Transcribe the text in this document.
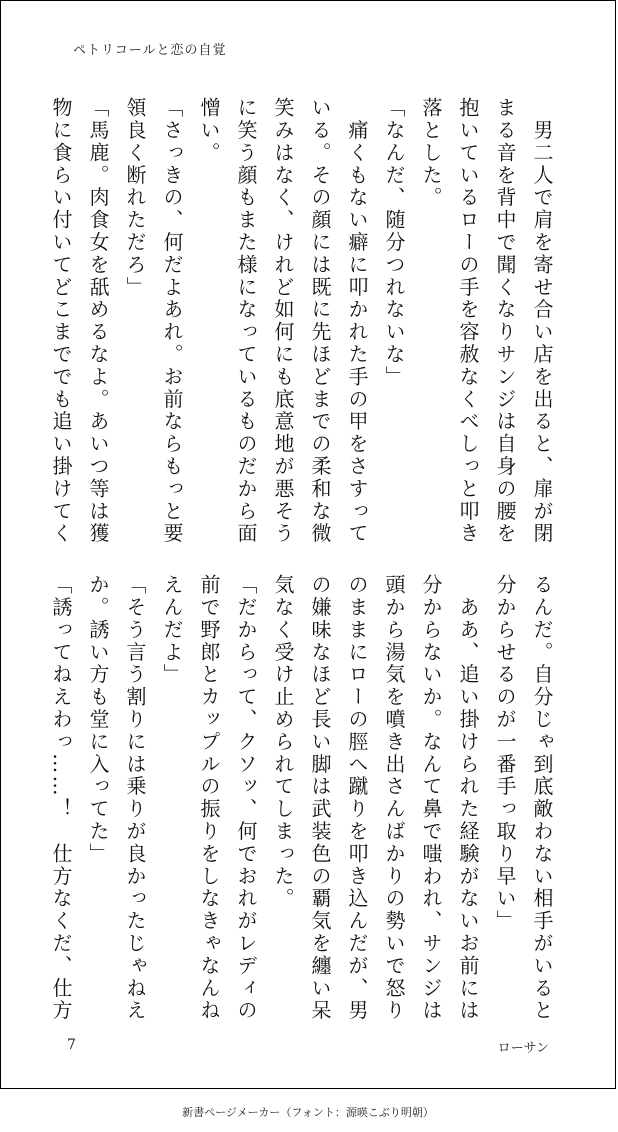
ペトリコールと恋の自覚
　男二人で肩を寄せ合い店を出ると、扉が閉
まる音を背中で聞くなりサンジは自身の腰を
抱いているローの手を容赦なくべしっと叩き
落とした。
「なんだ、随分つれないな」
　痛くもない癖に叩かれた手の甲をさすって
いる。その顔には既に先ほどまでの柔和な微
笑みはなく、けれど如何にも底意地が悪そう
に笑う顔もまた様になっているものだから面
憎い。
「さっきの、何だよあれ。お前ならもっと要
領良く断れただろ」
「馬鹿。肉食女を舐めるなよ。あいつ等は獲
物に食らい付いてどこまででも追い掛けてく
るんだ。自分じゃ到底敵わない相手がいると
分からせるのが一番手っ取り早い」
　ああ、追い掛けられた経験がないお前には
分からないか。なんて鼻で嗤われ、サンジは
頭から湯気を噴き出さんばかりの勢いで怒り
のままにローの脛へ蹴りを叩き込んだが、男
の嫌味なほど長い脚は武装色の覇気を纏い呆
気なく受け止められてしまった。
「だからって、クソッ、何でおれがレディの
前で野郎とカップルの振りをしなきゃなんね
えんだよ」
「そう言う割りには乗りが良かったじゃねえ
か。誘い方も堂に入ってた」
「誘ってねえわっ……！　仕方なくだ、仕方
7	ローサン
新書ページメーカー（フォント：源暎こぶり明朝）
